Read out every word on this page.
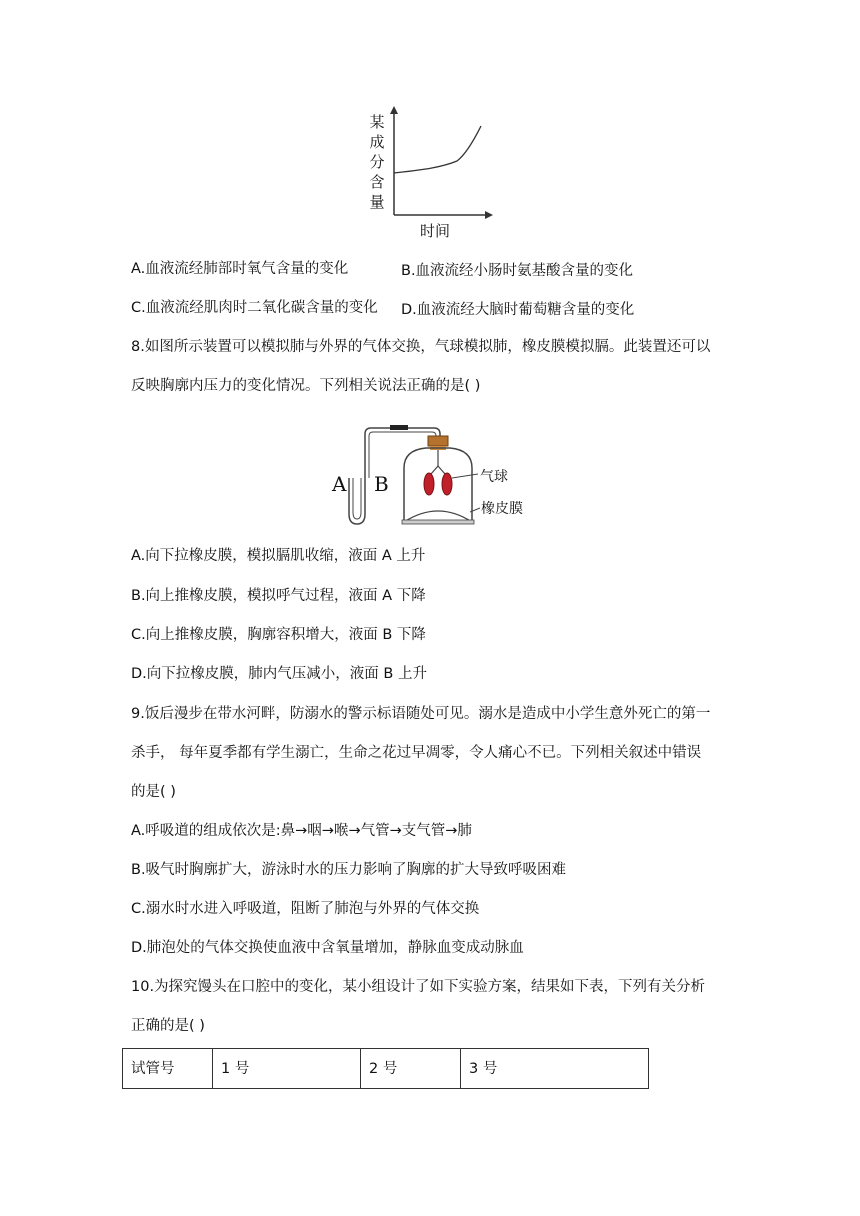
某成分含量
时间
A.血液流经肺部时氧气含量的变化	B.血液流经小肠时氨基酸含量的变化
C.血液流经肌肉时二氧化碳含量的变化 D.血液流经大脑时葡萄糖含量的变化
8.如图所示装置可以模拟肺与外界的气体交换，气球模拟肺，橡皮膜模拟膈。此装置还可以
反映胸廓内压力的变化情况。下列相关说法正确的是( )
A B	气球
橡皮膜
A.向下拉橡皮膜，模拟膈肌收缩，液面 A 上升
B.向上推橡皮膜，模拟呼气过程，液面 A 下降
C.向上推橡皮膜，胸廓容积增大，液面 B 下降
D.向下拉橡皮膜，肺内气压减小，液面 B 上升
9.饭后漫步在带水河畔，防溺水的警示标语随处可见。溺水是造成中小学生意外死亡的第一
杀手， 每年夏季都有学生溺亡，生命之花过早凋零，令人痛心不已。下列相关叙述中错误
的是( )
A.呼吸道的组成依次是:鼻→咽→喉→气管→支气管→肺
B.吸气时胸廓扩大，游泳时水的压力影响了胸廓的扩大导致呼吸困难
C.溺水时水进入呼吸道，阻断了肺泡与外界的气体交换
D.肺泡处的气体交换使血液中含氧量增加，静脉血变成动脉血
10.为探究馒头在口腔中的变化，某小组设计了如下实验方案，结果如下表，下列有关分析
正确的是( )
试管号	1 号	2 号	3 号
